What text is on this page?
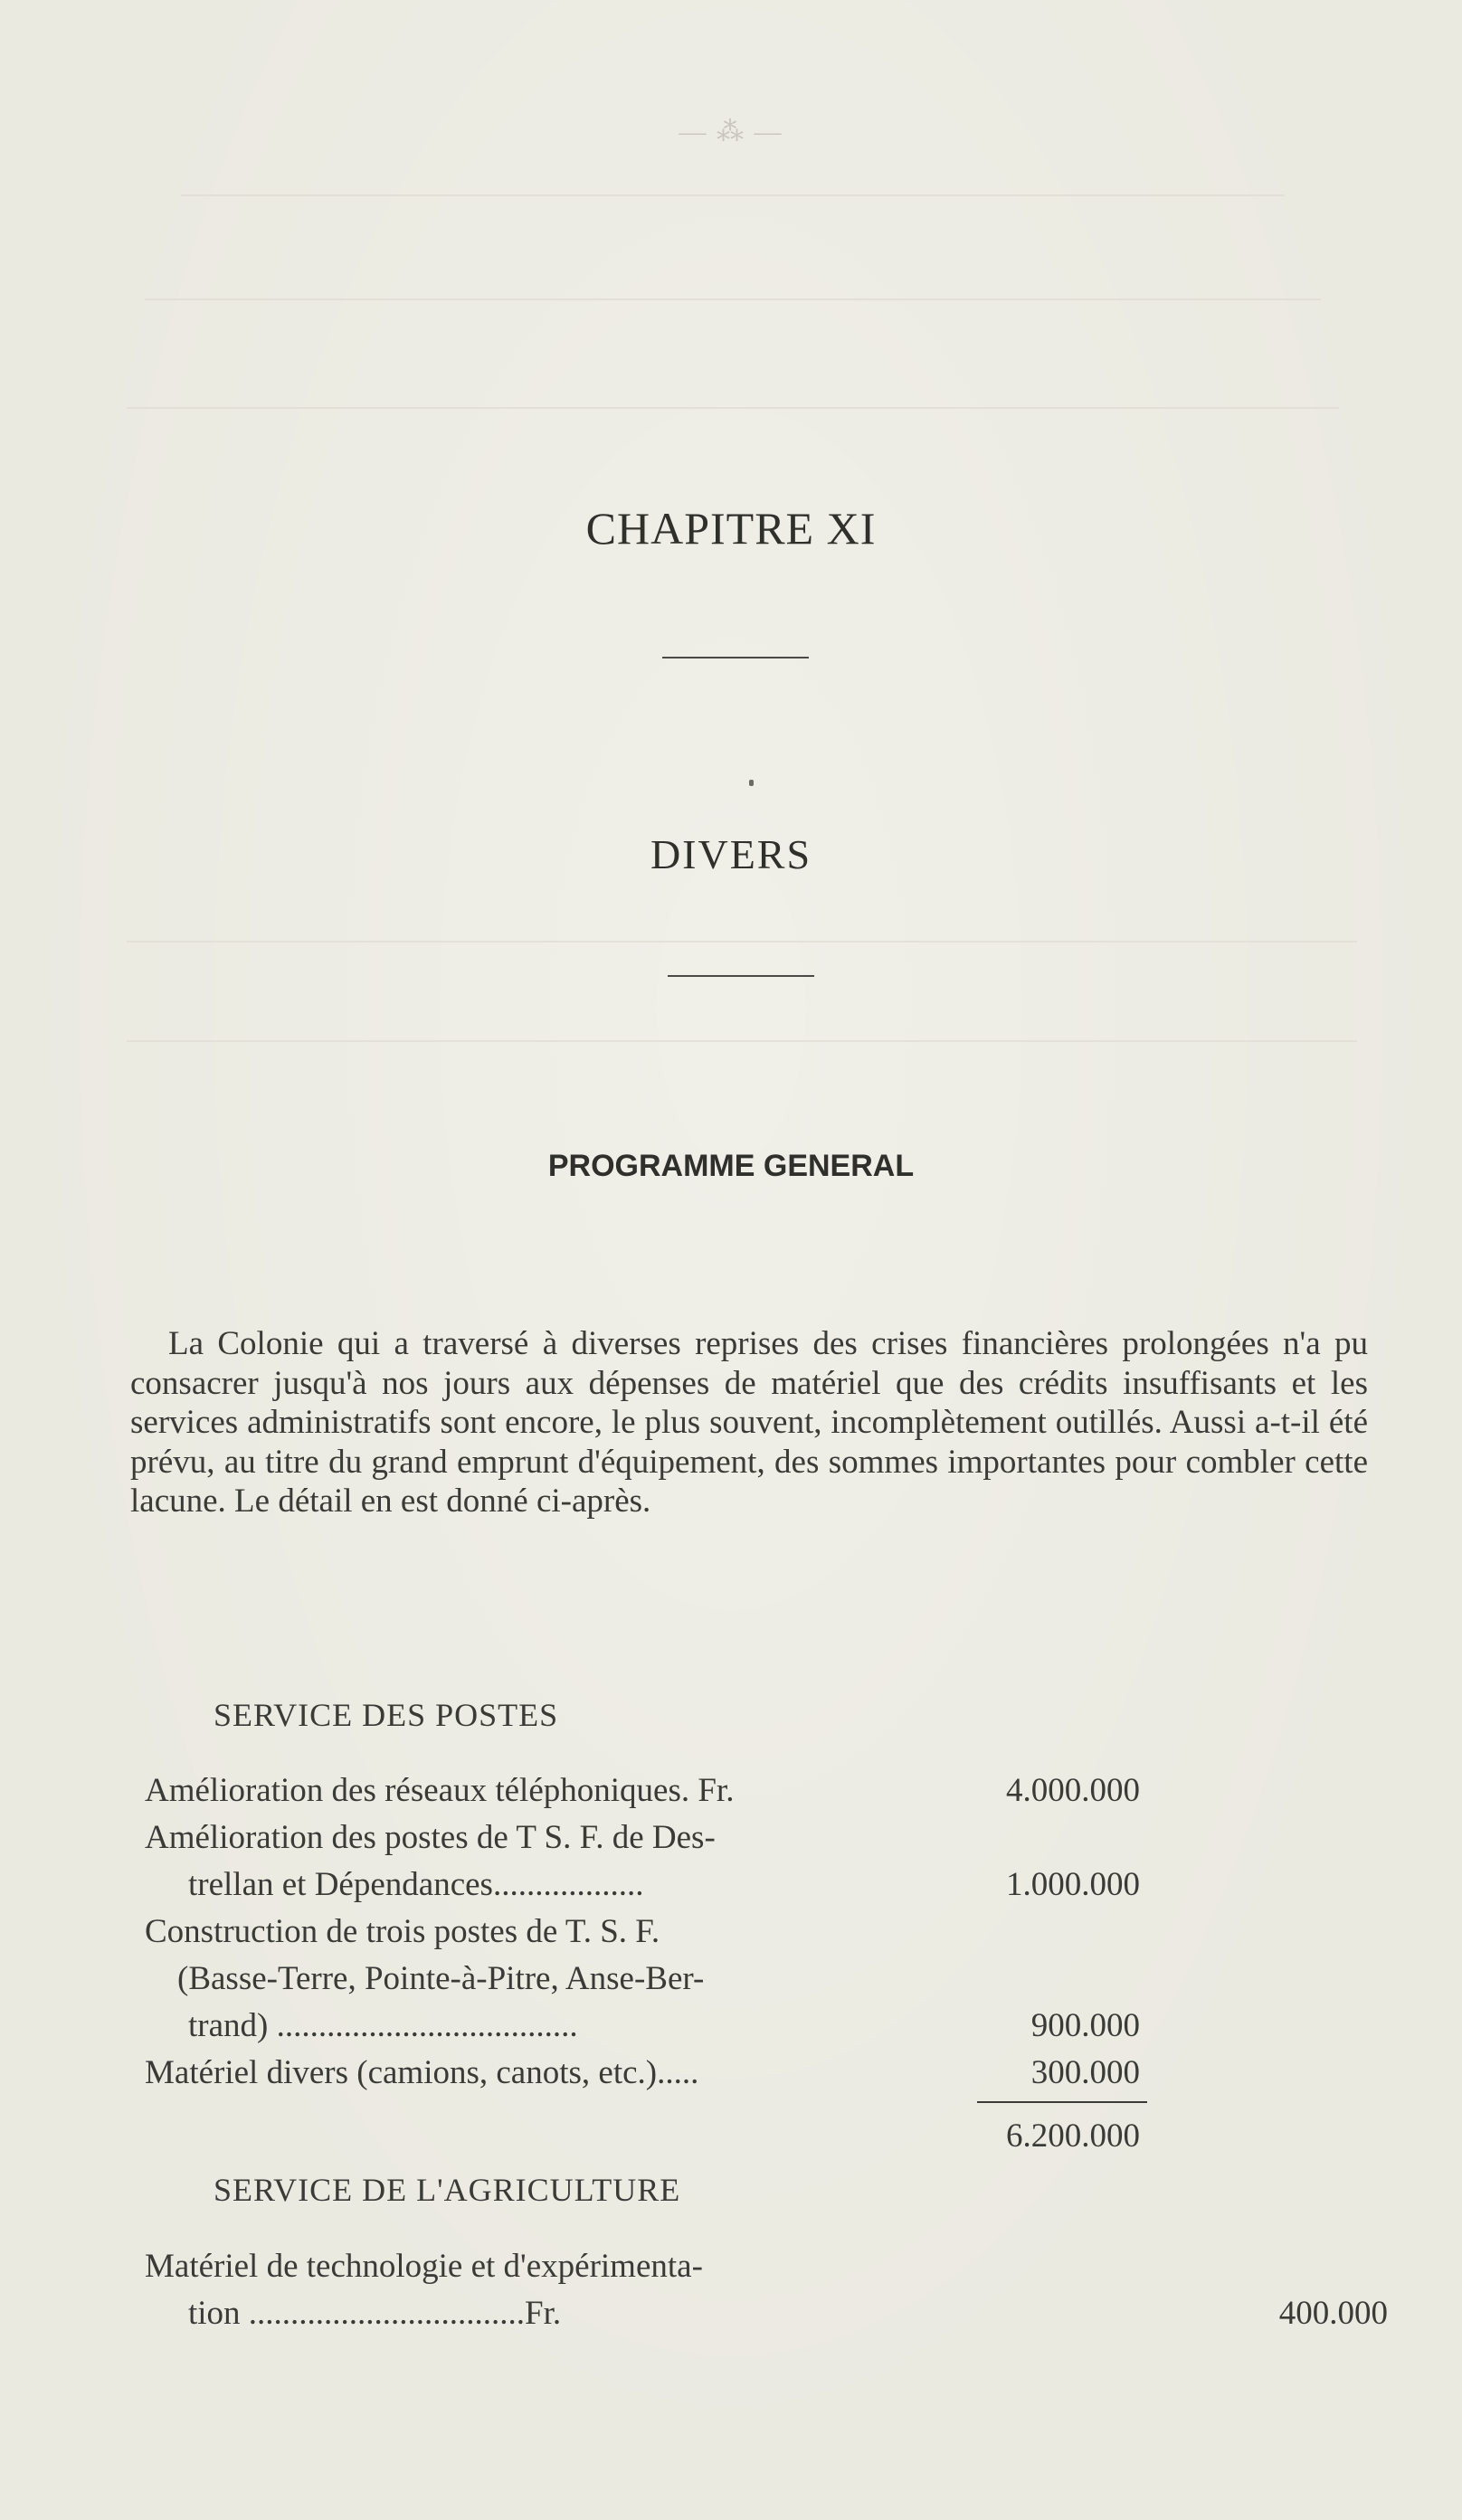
— ⁂ —
CHAPITRE XI
DIVERS
PROGRAMME GENERAL

La Colonie qui a traversé à diverses reprises des crises financières prolongées n'a pu consacrer jusqu'à nos jours aux dépenses de matériel que des crédits insuffisants et les services administratifs sont encore, le plus souvent, incomplètement outillés. Aussi a-t-il été prévu, au titre du grand emprunt d'équipement, des sommes importantes pour combler cette lacune. Le détail en est donné ci-après.

SERVICE DES POSTES
Amélioration des réseaux téléphoniques. Fr.	4.000.000
Amélioration des postes de T S. F. de Des-
trellan et Dépendances..................	1.000.000
Construction de trois postes de T. S. F.
(Basse-Terre, Pointe-à-Pitre, Anse-Ber-
trand) ....................................	900.000
Matériel divers (camions, canots, etc.).....	300.000
6.200.000
SERVICE DE L'AGRICULTURE
Matériel de technologie et d'expérimenta-
tion .................................Fr.	400.000
